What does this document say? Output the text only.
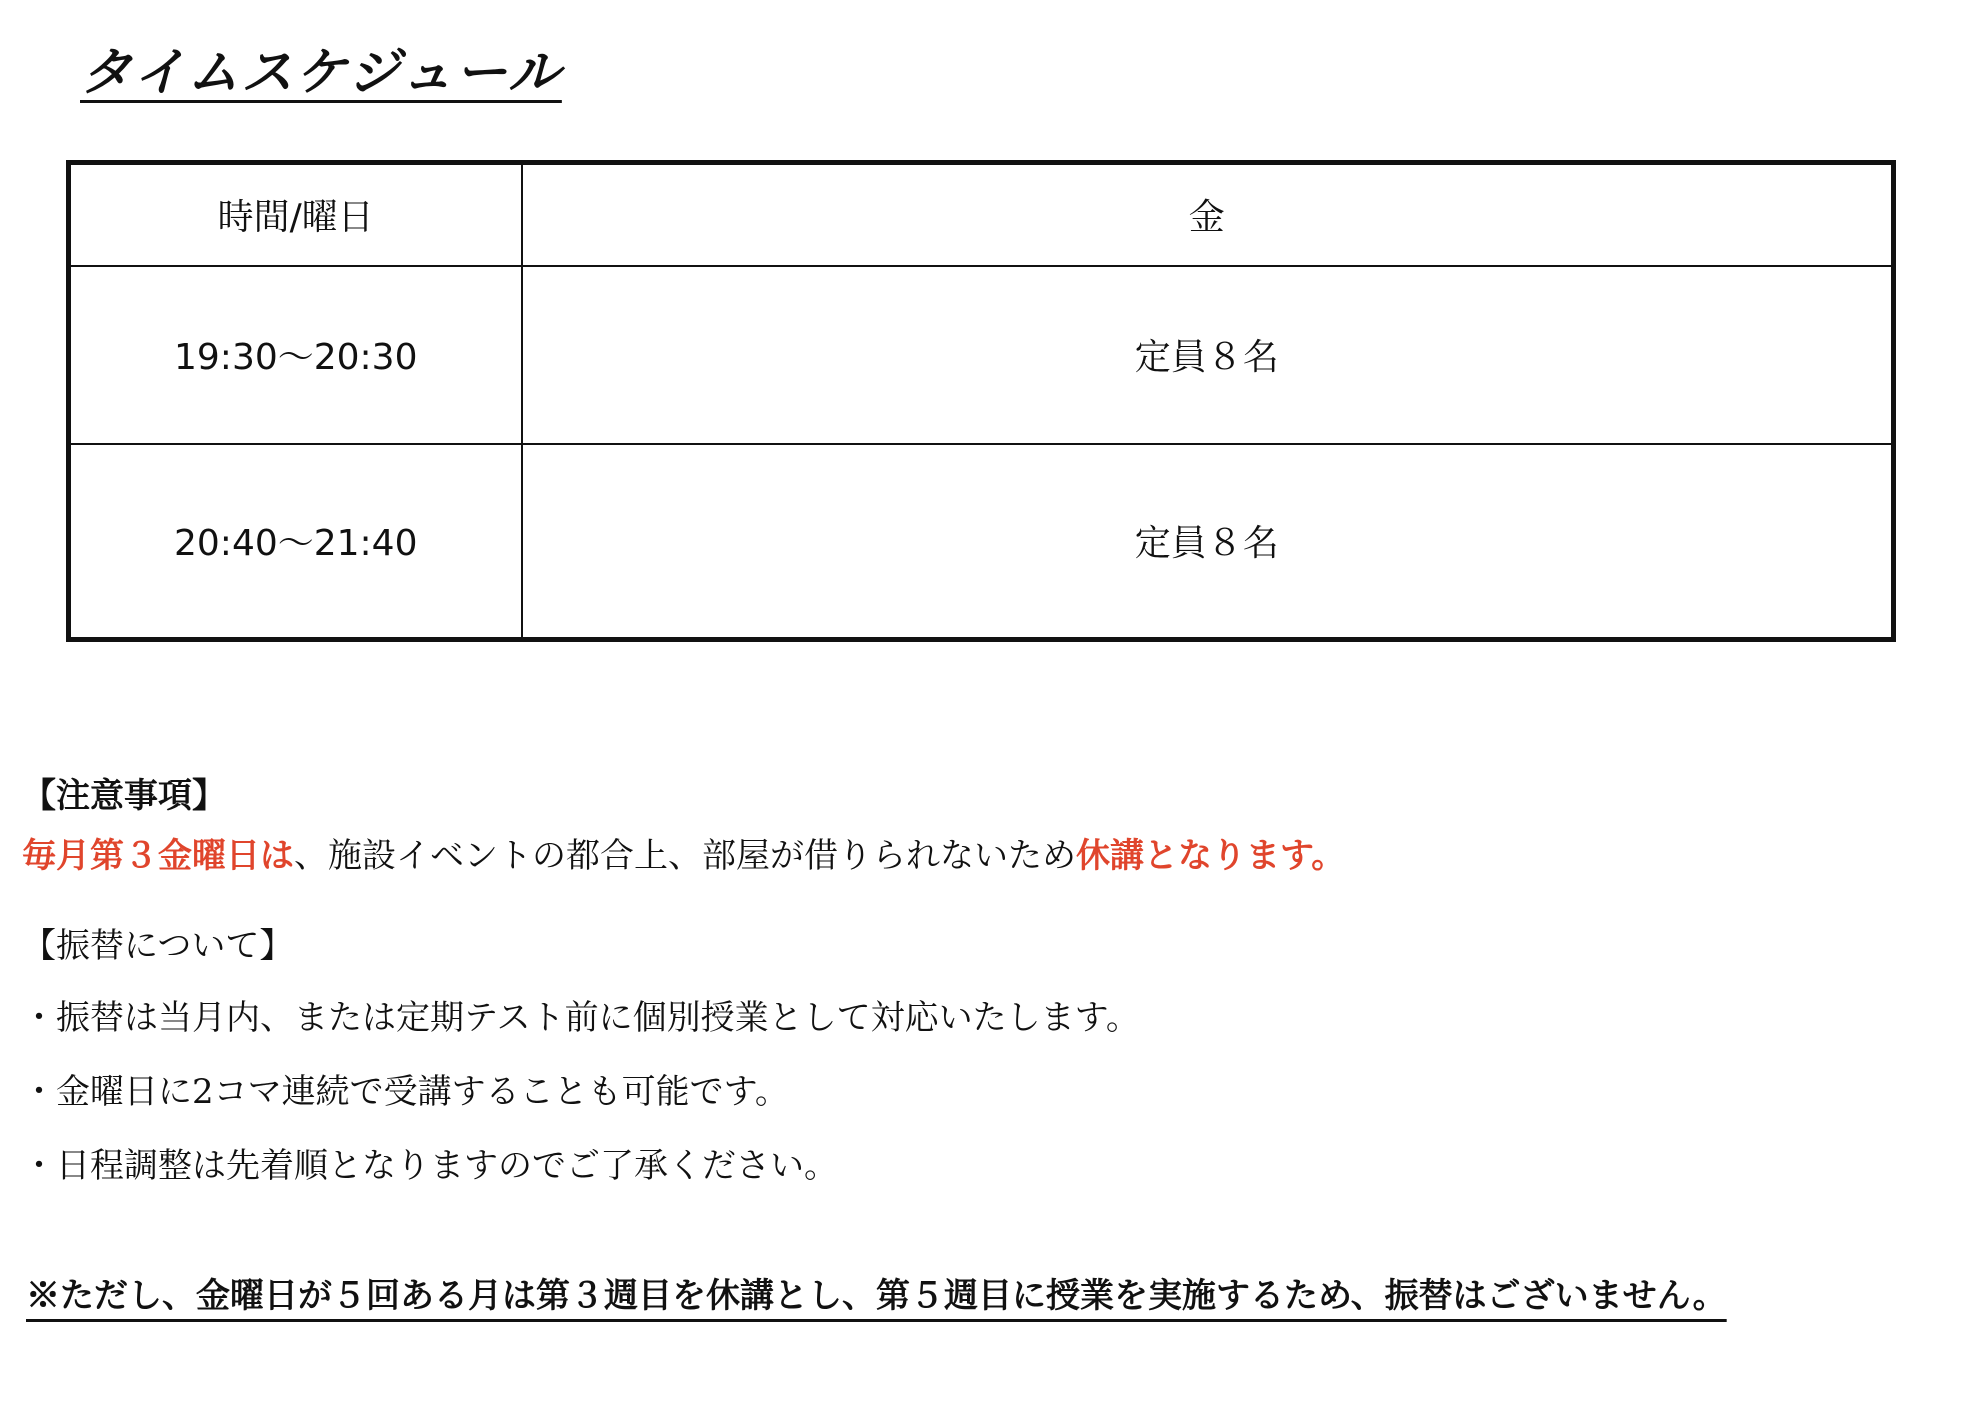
タイムスケジュール
時間/曜日	金
19:30〜20:30	定員８名
20:40〜21:40	定員８名
【注意事項】
毎月第３金曜日は、施設イベントの都合上、部屋が借りられないため休講となります。
【振替について】
・振替は当月内、または定期テスト前に個別授業として対応いたします。
・金曜日に2コマ連続で受講することも可能です。
・日程調整は先着順となりますのでご了承ください。
※ただし、金曜日が５回ある月は第３週目を休講とし、第５週目に授業を実施するため、振替はございません。
